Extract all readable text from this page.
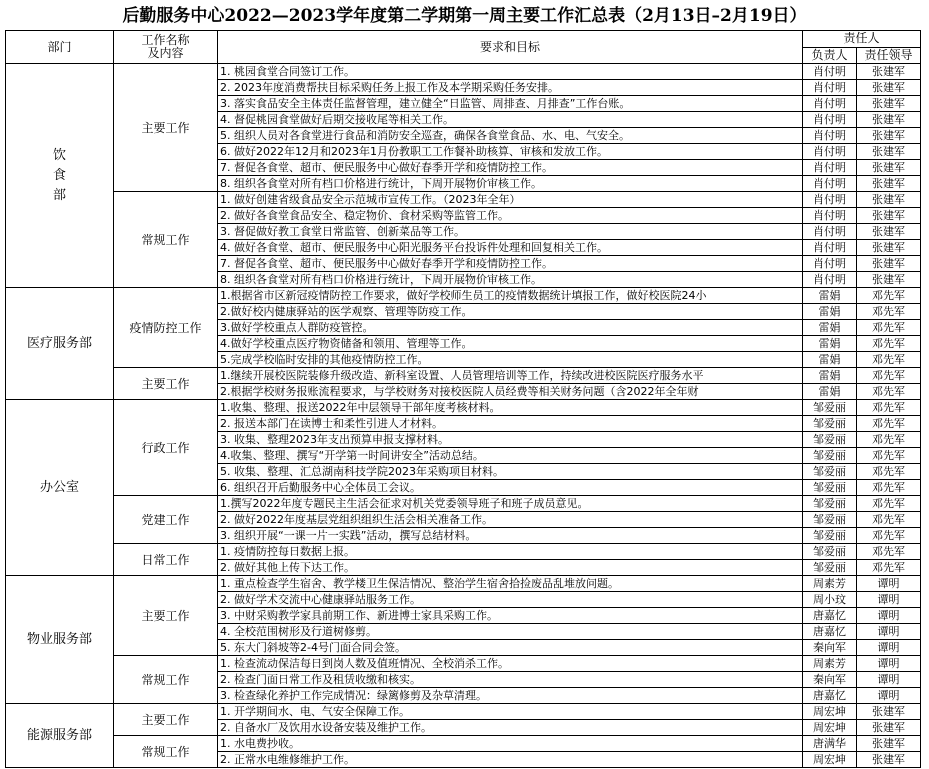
后勤服务中心2022—2023学年度第二学期第一周主要工作汇总表（2月13日–2月19日）
部门	工作名称
及内容	要求和目标	责任人	
			负责人	责任领导
饮
食
部	主要工作	1. 桃园食堂合同签订工作。	肖付明	张建军
		2. 2023年度消费帮扶目标采购任务上报工作及本学期采购任务安排。	肖付明	张建军
		3. 落实食品安全主体责任监督管理，建立健全“日监管、周排查、月排查”工作台账。	肖付明	张建军
		4. 督促桃园食堂做好后期交接收尾等相关工作。	肖付明	张建军
		5. 组织人员对各食堂进行食品和消防安全巡查，确保各食堂食品、水、电、气安全。	肖付明	张建军
		6. 做好2022年12月和2023年1月份教职工工作餐补助核算、审核和发放工作。	肖付明	张建军
		7. 督促各食堂、超市、便民服务中心做好春季开学和疫情防控工作。	肖付明	张建军
		8. 组织各食堂对所有档口价格进行统计，下周开展物价审核工作。	肖付明	张建军
	常规工作	1. 做好创建省级食品安全示范城市宣传工作。（2023年全年）	肖付明	张建军
		2. 做好各食堂食品安全、稳定物价、食材采购等监管工作。	肖付明	张建军
		3. 督促做好教工食堂日常监管、创新菜品等工作。	肖付明	张建军
		4. 做好各食堂、超市、便民服务中心阳光服务平台投诉件处理和回复相关工作。	肖付明	张建军
		7. 督促各食堂、超市、便民服务中心做好春季开学和疫情防控工作。	肖付明	张建军
		8. 组织各食堂对所有档口价格进行统计，下周开展物价审核工作。	肖付明	张建军
医疗服务部	疫情防控工作	1.根据省市区新冠疫情防控工作要求，做好学校师生员工的疫情数据统计填报工作，做好校医院24小	雷娟	邓先军
		2.做好校内健康驿站的医学观察、管理等防疫工作。	雷娟	邓先军
		3.做好学校重点人群防疫管控。	雷娟	邓先军
		4.做好学校重点医疗物资储备和领用、管理等工作。	雷娟	邓先军
		5.完成学校临时安排的其他疫情防控工作。	雷娟	邓先军
	主要工作	1.继续开展校医院装修升级改造、新科室设置、人员管理培训等工作，持续改进校医院医疗服务水平	雷娟	邓先军
		2.根据学校财务报账流程要求，与学校财务对接校医院人员经费等相关财务问题（含2022年全年财	雷娟	邓先军
办公室	行政工作	1.收集、整理、报送2022年中层领导干部年度考核材料。	邹爱丽	邓先军
		2. 报送本部门在读博士和柔性引进人才材料。	邹爱丽	邓先军
		3. 收集、整理2023年支出预算申报支撑材料。	邹爱丽	邓先军
		4.收集、整理、撰写“开学第一时间讲安全”活动总结。	邹爱丽	邓先军
		5. 收集、整理、汇总湖南科技学院2023年采购项目材料。	邹爱丽	邓先军
		6. 组织召开后勤服务中心全体员工会议。	邹爱丽	邓先军
	党建工作	1.撰写2022年度专题民主生活会征求对机关党委领导班子和班子成员意见。	邹爱丽	邓先军
		2. 做好2022年度基层党组织组织生活会相关准备工作。	邹爱丽	邓先军
		3. 组织开展“一课一片一实践”活动，撰写总结材料。	邹爱丽	邓先军
	日常工作	1. 疫情防控每日数据上报。	邹爱丽	邓先军
		2. 做好其他上传下达工作。	邹爱丽	邓先军
物业服务部	主要工作	1. 重点检查学生宿舍、教学楼卫生保洁情况、整治学生宿舍拾捡废品乱堆放问题。	周素芳	谭明
		2. 做好学术交流中心健康驿站服务工作。	周小玟	谭明
		3. 中财采购教学家具前期工作、新进博士家具采购工作。	唐嘉忆	谭明
		4. 全校范围树形及行道树修剪。	唐嘉忆	谭明
		5. 东大门斜坡等2-4号门面合同会签。	秦向军	谭明
	常规工作	1. 检查流动保洁每日到岗人数及值班情况、全校消杀工作。	周素芳	谭明
		2. 检查门面日常工作及租赁收缴和核实。	秦向军	谭明
		3. 检查绿化养护工作完成情况：绿篱修剪及杂草清理。	唐嘉忆	谭明
能源服务部	主要工作	1. 开学期间水、电、气安全保障工作。	周宏坤	张建军
		2. 自备水厂及饮用水设备安装及维护工作。	周宏坤	张建军
	常规工作	1. 水电费抄收。	唐满华	张建军
		2. 正常水电维修维护工作。	周宏坤	张建军
